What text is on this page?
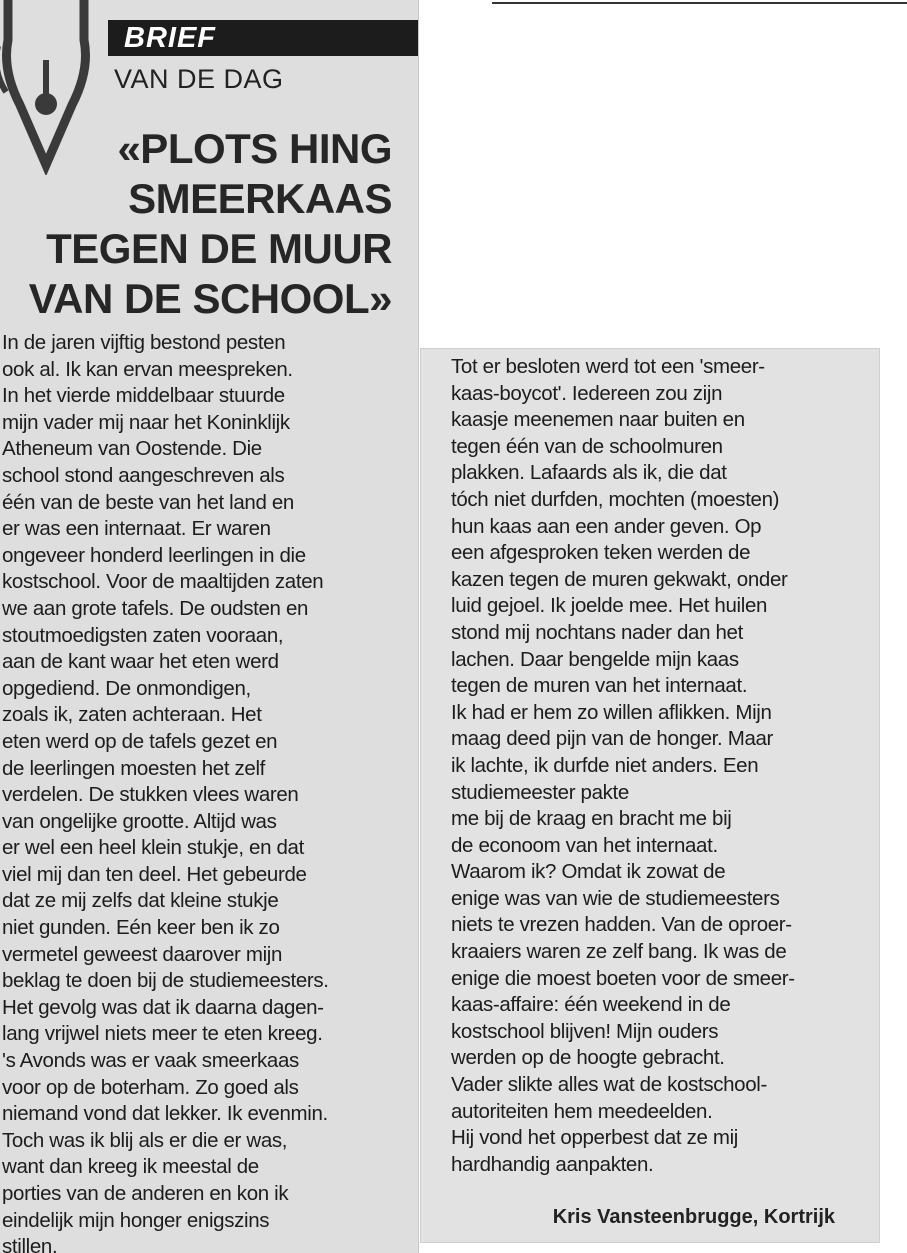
BRIEF
VAN DE DAG
«PLOTS HING
SMEERKAAS
TEGEN DE MUUR
VAN DE SCHOOL»
In de jaren vijftig bestond pesten
ook al. Ik kan ervan meespreken.
In het vierde middelbaar stuurde
mijn vader mij naar het Koninklijk
Atheneum van Oostende. Die
school stond aangeschreven als
één van de beste van het land en
er was een internaat. Er waren
ongeveer honderd leerlingen in die
kostschool. Voor de maaltijden zaten
we aan grote tafels. De oudsten en
stoutmoedigsten zaten vooraan,
aan de kant waar het eten werd
opgediend. De onmondigen,
zoals ik, zaten achteraan. Het
eten werd op de tafels gezet en
de leerlingen moesten het zelf
verdelen. De stukken vlees waren
van ongelijke grootte. Altijd was
er wel een heel klein stukje, en dat
viel mij dan ten deel. Het gebeurde
dat ze mij zelfs dat kleine stukje
niet gunden. Eén keer ben ik zo
vermetel geweest daarover mijn
beklag te doen bij de studiemeesters.
Het gevolg was dat ik daarna dagen-
lang vrijwel niets meer te eten kreeg.
's Avonds was er vaak smeerkaas
voor op de boterham. Zo goed als
niemand vond dat lekker. Ik evenmin.
Toch was ik blij als er die er was,
want dan kreeg ik meestal de
porties van de anderen en kon ik
eindelijk mijn honger enigszins
stillen.
Tot er besloten werd tot een 'smeer-
kaas-boycot'. Iedereen zou zijn
kaasje meenemen naar buiten en
tegen één van de schoolmuren
plakken. Lafaards als ik, die dat
tóch niet durfden, mochten (moesten)
hun kaas aan een ander geven. Op
een afgesproken teken werden de
kazen tegen de muren gekwakt, onder
luid gejoel. Ik joelde mee. Het huilen
stond mij nochtans nader dan het
lachen. Daar bengelde mijn kaas
tegen de muren van het internaat.
Ik had er hem zo willen aflikken. Mijn
maag deed pijn van de honger. Maar
ik lachte, ik durfde niet anders. Een
studiemeester pakte
me bij de kraag en bracht me bij
de econoom van het internaat.
Waarom ik? Omdat ik zowat de
enige was van wie de studiemeesters
niets te vrezen hadden. Van de oproer-
kraaiers waren ze zelf bang. Ik was de
enige die moest boeten voor de smeer-
kaas-affaire: één weekend in de
kostschool blijven! Mijn ouders
werden op de hoogte gebracht.
Vader slikte alles wat de kostschool-
autoriteiten hem meedeelden.
Hij vond het opperbest dat ze mij
hardhandig aanpakten.
Kris Vansteenbrugge, Kortrijk
